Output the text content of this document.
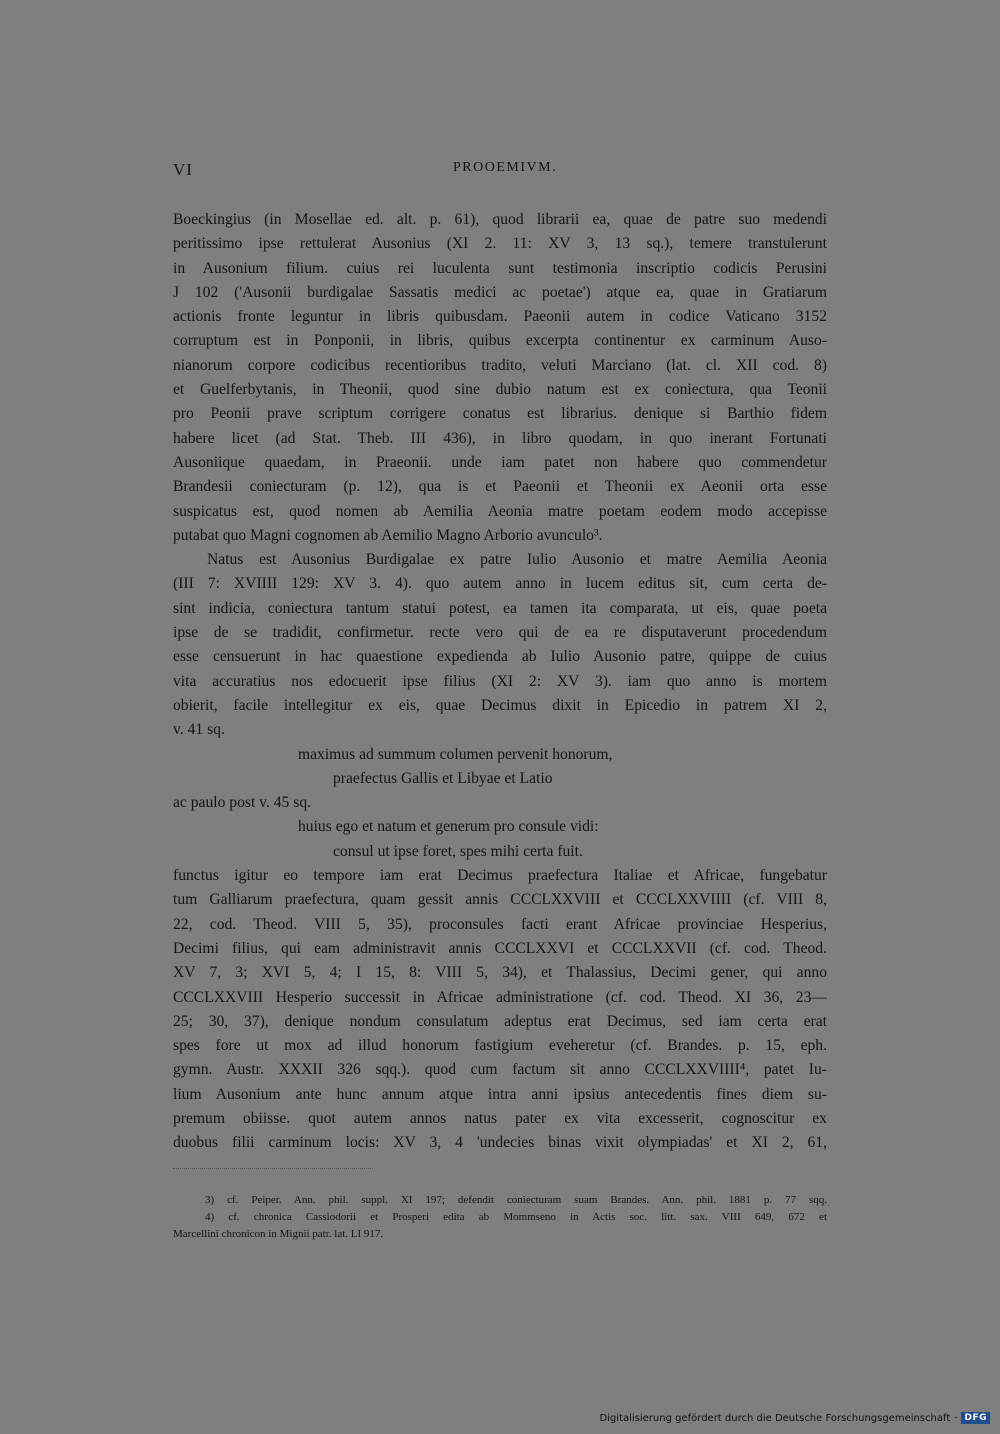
VI	PROOEMIVM.
Boeckingius (in Mosellae ed. alt. p. 61), quod librarii ea, quae de patre suo medendi
peritissimo ipse rettulerat Ausonius (XI 2. 11: XV 3, 13 sq.), temere transtulerunt
in Ausonium filium. cuius rei luculenta sunt testimonia inscriptio codicis Perusini
J 102 ('Ausonii burdigalae Sassatis medici ac poetae') atque ea, quae in Gratiarum
actionis fronte leguntur in libris quibusdam. Paeonii autem in codice Vaticano 3152
corruptum est in Ponponii, in libris, quibus excerpta continentur ex carminum Auso-
nianorum corpore codicibus recentioribus tradito, veluti Marciano (lat. cl. XII cod. 8)
et Guelferbytanis, in Theonii, quod sine dubio natum est ex coniectura, qua Teonii
pro Peonii prave scriptum corrigere conatus est librarius. denique si Barthio fidem
habere licet (ad Stat. Theb. III 436), in libro quodam, in quo inerant Fortunati
Ausoniique quaedam, in Praeonii. unde iam patet non habere quo commendetur
Brandesii coniecturam (p. 12), qua is et Paeonii et Theonii ex Aeonii orta esse
suspicatus est, quod nomen ab Aemilia Aeonia matre poetam eodem modo accepisse
putabat quo Magni cognomen ab Aemilio Magno Arborio avunculo³.
Natus est Ausonius Burdigalae ex patre Iulio Ausonio et matre Aemilia Aeonia
(III 7: XVIIII 129: XV 3. 4). quo autem anno in lucem editus sit, cum certa de-
sint indicia, coniectura tantum statui potest, ea tamen ita comparata, ut eis, quae poeta
ipse de se tradidit, confirmetur. recte vero qui de ea re disputaverunt procedendum
esse censuerunt in hac quaestione expedienda ab Iulio Ausonio patre, quippe de cuius
vita accuratius nos edocuerit ipse filius (XI 2: XV 3). iam quo anno is mortem
obierit, facile intellegitur ex eis, quae Decimus dixit in Epicedio in patrem XI 2,
v. 41 sq.
maximus ad summum columen pervenit honorum,
praefectus Gallis et Libyae et Latio
ac paulo post v. 45 sq.
huius ego et natum et generum pro consule vidi:
consul ut ipse foret, spes mihi certa fuit.
functus igitur eo tempore iam erat Decimus praefectura Italiae et Africae, fungebatur
tum Galliarum praefectura, quam gessit annis CCCLXXVIII et CCCLXXVIIII (cf. VIII 8,
22, cod. Theod. VIII 5, 35), proconsules facti erant Africae provinciae Hesperius,
Decimi filius, qui eam administravit annis CCCLXXVI et CCCLXXVII (cf. cod. Theod.
XV 7, 3; XVI 5, 4; I 15, 8: VIII 5, 34), et Thalassius, Decimi gener, qui anno
CCCLXXVIII Hesperio successit in Africae administratione (cf. cod. Theod. XI 36, 23—
25; 30, 37), denique nondum consulatum adeptus erat Decimus, sed iam certa erat
spes fore ut mox ad illud honorum fastigium eveheretur (cf. Brandes. p. 15, eph.
gymn. Austr. XXXII 326 sqq.). quod cum factum sit anno CCCLXXVIIII⁴, patet Iu-
lium Ausonium ante hunc annum atque intra anni ipsius antecedentis fines diem su-
premum obiisse. quot autem annos natus pater ex vita excesserit, cognoscitur ex
duobus filii carminum locis: XV 3, 4 'undecies binas vixit olympiadas' et XI 2, 61,
3) cf. Peiper. Ann. phil. suppl. XI 197; defendit coniecturam suam Brandes. Ann. phil. 1881 p. 77 sqq.
4) cf. chronica Cassiodorii et Prosperi edita ab Mommseno in Actis soc. litt. sax. VIII 649, 672 et
Marcellini chronicon in Mignii patr. lat. LI 917.
Digitalisierung gefördert durch die Deutsche Forschungsgemeinschaft · DFG
